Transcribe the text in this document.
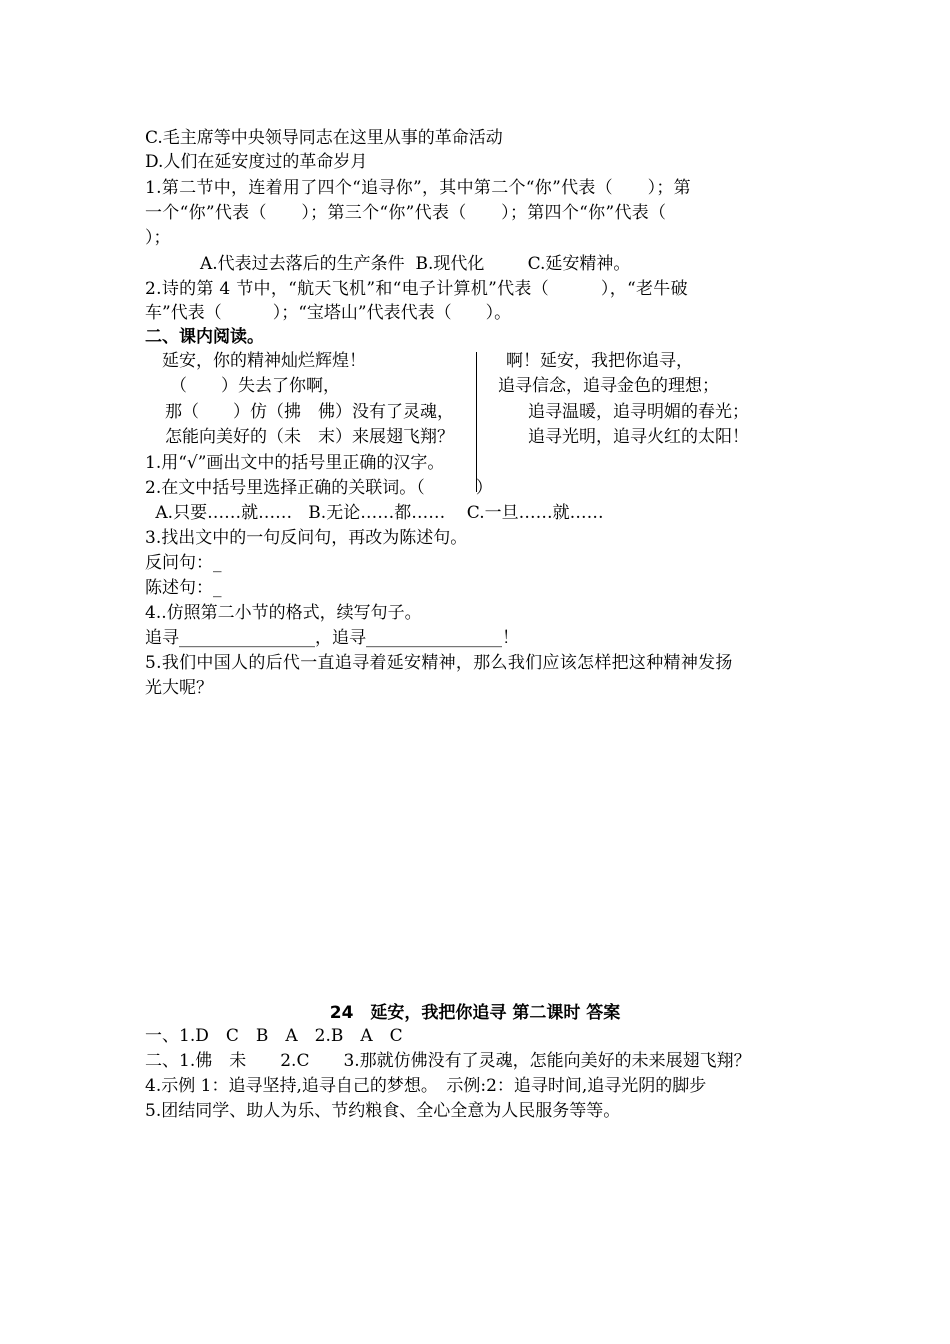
C.毛主席等中央领导同志在这里从事的革命活动
D.人们在延安度过的革命岁月
1.第二节中，连着用了四个“追寻你”，其中第二个“你”代表（　　）；第
一个“你”代表（　　）；第三个“你”代表（　　）；第四个“你”代表（
）；
A.代表过去落后的生产条件  B.现代化        C.延安精神。
2.诗的第 4 节中，“航天飞机”和“电子计算机”代表（　　　），“老牛破
车”代表（　　　）；“宝塔山”代表代表（　　）。
二、课内阅读。
延安，你的精神灿烂辉煌！
（　　）失去了你啊，
那（　　）仿（拂　佛）没有了灵魂，
怎能向美好的（未　末）来展翅飞翔？
啊！延安，我把你追寻，
追寻信念，追寻金色的理想；
追寻温暖，追寻明媚的春光；
追寻光明，追寻火红的太阳！
1.用“√”画出文中的括号里正确的汉字。
2.在文中括号里选择正确的关联词。（　　　）
A.只要……就……   B.无论……都……    C.一旦……就……
3.找出文中的一句反问句，再改为陈述句。
反问句：_
陈述句：_
4..仿照第二小节的格式，续写句子。
追寻________________，追寻________________！
5.我们中国人的后代一直追寻着延安精神，那么我们应该怎样把这种精神发扬
光大呢？
24　延安，我把你追寻 第二课时 答案
一、1.D　C　B　A　2.B　A　C
二、1.佛　未　　2.C　　3.那就仿佛没有了灵魂，怎能向美好的未来展翅飞翔？
4.示例 1：追寻坚持,追寻自己的梦想。　示例:2：追寻时间,追寻光阴的脚步
5.团结同学、助人为乐、节约粮食、全心全意为人民服务等等。
